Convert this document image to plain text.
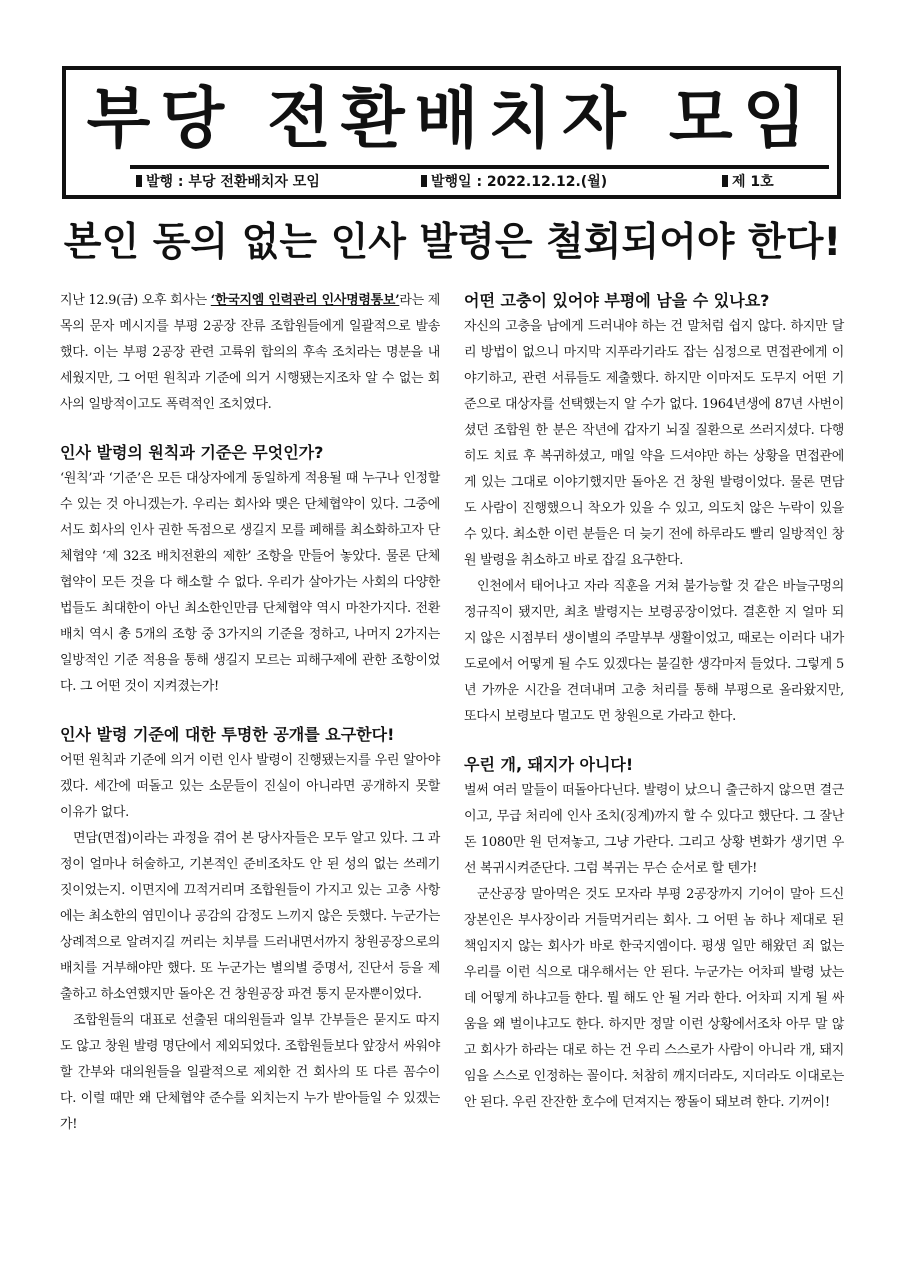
부당 전환배치자 모임
발행 : 부당 전환배치자 모임	발행일 : 2022.12.12.(월)	제 1호
본인 동의 없는 인사 발령은 철회되어야 한다!

지난 12.9(금) 오후 회사는 ‘한국지엠 인력관리 인사명령통보’라는 제목의 문자 메시지를 부평 2공장 잔류 조합원들에게 일괄적으로 발송했다. 이는 부평 2공장 관련 고륙위 합의의 후속 조치라는 명분을 내세웠지만, 그 어떤 원칙과 기준에 의거 시행됐는지조차 알 수 없는 회사의 일방적이고도 폭력적인 조치였다.

인사 발령의 원칙과 기준은 무엇인가?

‘원칙’과 ‘기준’은 모든 대상자에게 동일하게 적용될 때 누구나 인정할 수 있는 것 아니겠는가. 우리는 회사와 맺은 단체협약이 있다. 그중에서도 회사의 인사 권한 독점으로 생길지 모를 폐해를 최소화하고자 단체협약 ‘제 32조 배치전환의 제한’ 조항을 만들어 놓았다. 물론 단체협약이 모든 것을 다 해소할 수 없다. 우리가 살아가는 사회의 다양한 법들도 최대한이 아닌 최소한인만큼 단체협약 역시 마찬가지다. 전환배치 역시 총 5개의 조항 중 3가지의 기준을 정하고, 나머지 2가지는 일방적인 기준 적용을 통해 생길지 모르는 피해구제에 관한 조항이었다. 그 어떤 것이 지켜졌는가!

인사 발령 기준에 대한 투명한 공개를 요구한다!

어떤 원칙과 기준에 의거 이런 인사 발령이 진행됐는지를 우린 알아야겠다. 세간에 떠돌고 있는 소문들이 진실이 아니라면 공개하지 못할 이유가 없다.

면담(면접)이라는 과정을 겪어 본 당사자들은 모두 알고 있다. 그 과정이 얼마나 허술하고, 기본적인 준비조차도 안 된 성의 없는 쓰레기 짓이었는지. 이면지에 끄적거리며 조합원들이 가지고 있는 고충 사항에는 최소한의 염민이나 공감의 감정도 느끼지 않은 듯했다. 누군가는 상례적으로 알려지길 꺼리는 치부를 드러내면서까지 창원공장으로의 배치를 거부해야만 했다. 또 누군가는 별의별 증명서, 진단서 등을 제출하고 하소연했지만 돌아온 건 창원공장 파견 통지 문자뿐이었다.

조합원들의 대표로 선출된 대의원들과 일부 간부들은 묻지도 따지도 않고 창원 발령 명단에서 제외되었다. 조합원들보다 앞장서 싸워야 할 간부와 대의원들을 일괄적으로 제외한 건 회사의 또 다른 꼼수이다. 이럴 때만 왜 단체협약 준수를 외치는지 누가 받아들일 수 있겠는가!

어떤 고충이 있어야 부평에 남을 수 있나요?

자신의 고충을 남에게 드러내야 하는 건 말처럼 쉽지 않다. 하지만 달리 방법이 없으니 마지막 지푸라기라도 잡는 심정으로 면접관에게 이야기하고, 관련 서류들도 제출했다. 하지만 이마저도 도무지 어떤 기준으로 대상자를 선택했는지 알 수가 없다. 1964년생에 87년 사번이셨던 조합원 한 분은 작년에 갑자기 뇌질 질환으로 쓰러지셨다. 다행히도 치료 후 복귀하셨고, 매일 약을 드셔야만 하는 상황을 면접관에게 있는 그대로 이야기했지만 돌아온 건 창원 발령이었다. 물론 면담도 사람이 진행했으니 착오가 있을 수 있고, 의도치 않은 누락이 있을 수 있다. 최소한 이런 분들은 더 늦기 전에 하루라도 빨리 일방적인 창원 발령을 취소하고 바로 잡길 요구한다.

인천에서 태어나고 자라 직훈을 거쳐 불가능할 것 같은 바늘구멍의 정규직이 됐지만, 최초 발령지는 보령공장이었다. 결혼한 지 얼마 되지 않은 시점부터 생이별의 주말부부 생활이었고, 때로는 이러다 내가 도로에서 어떻게 될 수도 있겠다는 불길한 생각마저 들었다. 그렇게 5년 가까운 시간을 견뎌내며 고충 처리를 통해 부평으로 올라왔지만, 또다시 보령보다 멀고도 먼 창원으로 가라고 한다.

우린 개, 돼지가 아니다!

벌써 여러 말들이 떠돌아다닌다. 발령이 났으니 출근하지 않으면 결근이고, 무급 처리에 인사 조치(징계)까지 할 수 있다고 했단다. 그 잘난 돈 1080만 원 던져놓고, 그냥 가란다. 그리고 상황 변화가 생기면 우선 복귀시켜준단다. 그럼 복귀는 무슨 순서로 할 텐가!

군산공장 말아먹은 것도 모자라 부평 2공장까지 기어이 말아 드신 장본인은 부사장이라 거들먹거리는 회사. 그 어떤 놈 하나 제대로 된 책임지지 않는 회사가 바로 한국지엠이다. 평생 일만 해왔던 죄 없는 우리를 이런 식으로 대우해서는 안 된다. 누군가는 어차피 발령 났는데 어떻게 하냐고들 한다. 뭘 해도 안 될 거라 한다. 어차피 지게 될 싸움을 왜 벌이냐고도 한다. 하지만 정말 이런 상황에서조차 아무 말 않고 회사가 하라는 대로 하는 건 우리 스스로가 사람이 아니라 개, 돼지임을 스스로 인정하는 꼴이다. 처참히 깨지더라도, 지더라도 이대로는 안 된다. 우린 잔잔한 호수에 던져지는 짱돌이 돼보려 한다. 기꺼이!
